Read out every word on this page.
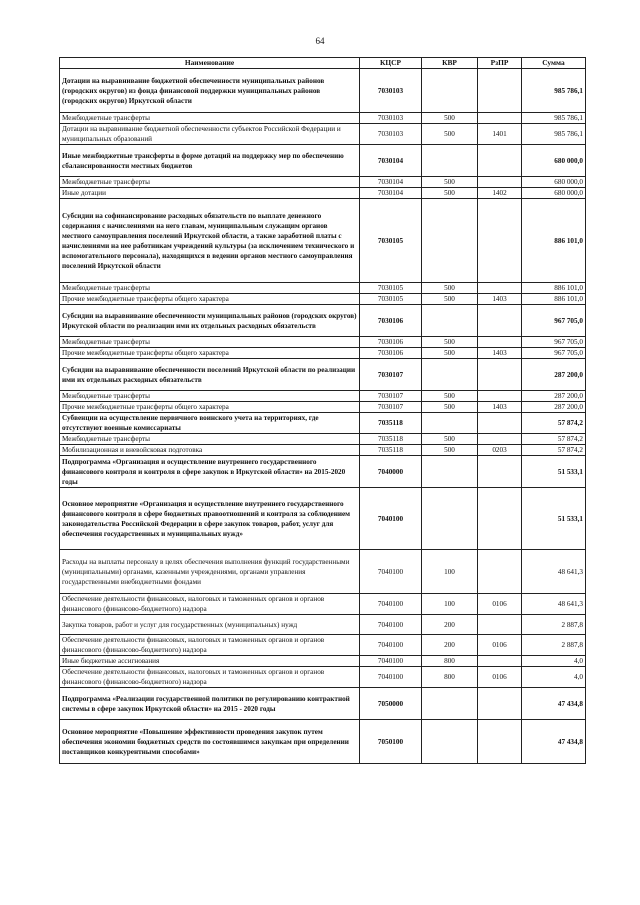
64
Наименование	КЦСР	КВР	РзПР	Сумма
Дотации на выравнивание бюджетной обеспеченности муниципальных районов (городских округов) из фонда финансовой поддержки муниципальных районов (городских округов) Иркутской области	7030103			985 786,1
Межбюджетные трансферты	7030103	500		985 786,1
Дотации на выравнивание бюджетной обеспеченности субъектов Российской Федерации и муниципальных образований	7030103	500	1401	985 786,1
Иные межбюджетные трансферты в форме дотаций на поддержку мер по обеспечению сбалансированности местных бюджетов	7030104			680 000,0
Межбюджетные трансферты	7030104	500		680 000,0
Иные дотации	7030104	500	1402	680 000,0
Субсидии на софинансирование расходных обязательств по выплате денежного содержания с начислениями на него главам, муниципальным служащим органов местного самоуправления поселений Иркутской области, а также заработной платы с начислениями на нее работникам учреждений культуры (за исключением технического и вспомогательного персонала), находящихся в ведении органов местного самоуправления поселений Иркутской области	7030105			886 101,0
Межбюджетные трансферты	7030105	500		886 101,0
Прочие межбюджетные трансферты общего характера	7030105	500	1403	886 101,0
Субсидии на выравнивание обеспеченности муниципальных районов (городских округов) Иркутской области по реализации ими их отдельных расходных обязательств	7030106			967 705,0
Межбюджетные трансферты	7030106	500		967 705,0
Прочие межбюджетные трансферты общего характера	7030106	500	1403	967 705,0
Субсидии на выравнивание обеспеченности поселений Иркутской области по реализации ими их отдельных расходных обязательств	7030107			287 200,0
Межбюджетные трансферты	7030107	500		287 200,0
Прочие межбюджетные трансферты общего характера	7030107	500	1403	287 200,0
Субвенции на осуществление первичного воинского учета на территориях, где отсутствуют военные комиссариаты	7035118			57 874,2
Межбюджетные трансферты	7035118	500		57 874,2
Мобилизационная и вневойсковая подготовка	7035118	500	0203	57 874,2
Подпрограмма «Организация и осуществление внутреннего государственного финансового контроля и контроля в сфере закупок в Иркутской области» на 2015-2020 годы	7040000			51 533,1
Основное мероприятие «Организация и осуществление внутреннего государственного финансового контроля в сфере бюджетных правоотношений и контроля за соблюдением законодательства Российской Федерации в сфере закупок товаров, работ, услуг для обеспечения государственных и муниципальных нужд»	7040100			51 533,1
Расходы на выплаты персоналу в целях обеспечения выполнения функций государственными (муниципальными) органами, казенными учреждениями, органами управления государственными внебюджетными фондами	7040100	100		48 641,3
Обеспечение деятельности финансовых, налоговых и таможенных органов и органов финансового (финансово-бюджетного) надзора	7040100	100	0106	48 641,3
Закупка товаров, работ и услуг для государственных (муниципальных) нужд	7040100	200		2 887,8
Обеспечение деятельности финансовых, налоговых и таможенных органов и органов финансового (финансово-бюджетного) надзора	7040100	200	0106	2 887,8
Иные бюджетные ассигнования	7040100	800		4,0
Обеспечение деятельности финансовых, налоговых и таможенных органов и органов финансового (финансово-бюджетного) надзора	7040100	800	0106	4,0
Подпрограмма «Реализации государственной политики по регулированию контрактной системы в сфере закупок Иркутской области» на 2015 - 2020 годы	7050000			47 434,8
Основное мероприятие «Повышение эффективности проведения закупок путем обеспечения экономии бюджетных средств по состоявшимся закупкам при определении поставщиков конкурентными способами»	7050100			47 434,8
